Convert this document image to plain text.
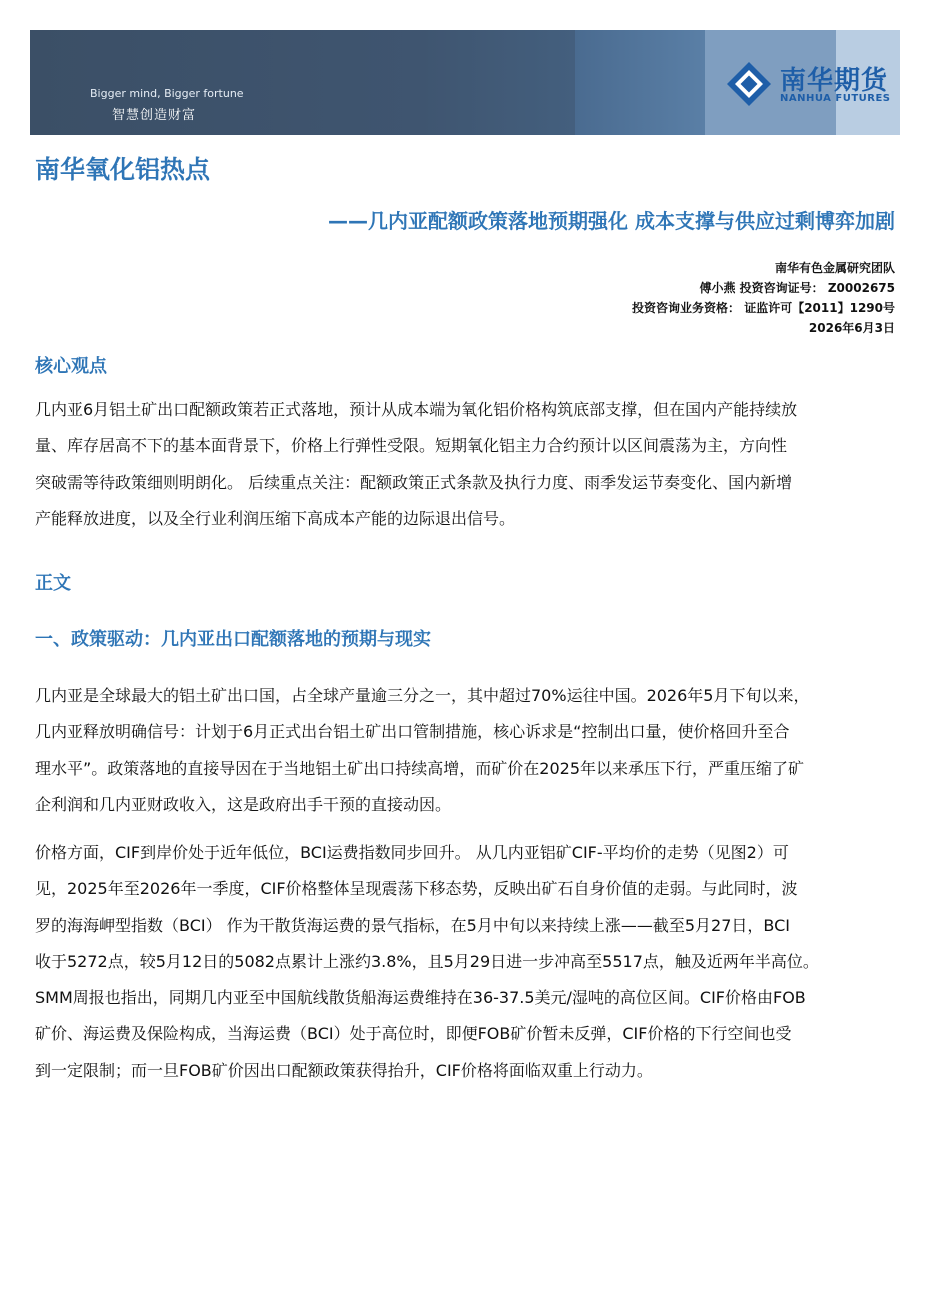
Bigger mind, Bigger fortune
智慧创造财富
南华期货
NANHUA FUTURES
南华氧化铝热点
——几内亚配额政策落地预期强化 成本支撑与供应过剩博弈加剧
南华有色金属研究团队
傅小燕 投资咨询证号： Z0002675
投资咨询业务资格： 证监许可【2011】1290号
2026年6月3日
核心观点
几内亚6月铝土矿出口配额政策若正式落地，预计从成本端为氧化铝价格构筑底部支撑，但在国内产能持续放
量、库存居高不下的基本面背景下，价格上行弹性受限。短期氧化铝主力合约预计以区间震荡为主，方向性
突破需等待政策细则明朗化。 后续重点关注：配额政策正式条款及执行力度、雨季发运节奏变化、国内新增
产能释放进度，以及全行业利润压缩下高成本产能的边际退出信号。
正文
一、政策驱动：几内亚出口配额落地的预期与现实
几内亚是全球最大的铝土矿出口国，占全球产量逾三分之一，其中超过70%运往中国。2026年5月下旬以来，
几内亚释放明确信号：计划于6月正式出台铝土矿出口管制措施，核心诉求是“控制出口量，使价格回升至合
理水平”。政策落地的直接导因在于当地铝土矿出口持续高增，而矿价在2025年以来承压下行，严重压缩了矿
企利润和几内亚财政收入，这是政府出手干预的直接动因。
价格方面，CIF到岸价处于近年低位，BCI运费指数同步回升。 从几内亚铝矿CIF-平均价的走势（见图2）可
见，2025年至2026年一季度，CIF价格整体呈现震荡下移态势，反映出矿石自身价值的走弱。与此同时，波
罗的海海岬型指数（BCI） 作为干散货海运费的景气指标，在5月中旬以来持续上涨——截至5月27日，BCI
收于5272点，较5月12日的5082点累计上涨约3.8%，且5月29日进一步冲高至5517点，触及近两年半高位。
SMM周报也指出，同期几内亚至中国航线散货船海运费维持在36-37.5美元/湿吨的高位区间。CIF价格由FOB
矿价、海运费及保险构成，当海运费（BCI）处于高位时，即便FOB矿价暂未反弹，CIF价格的下行空间也受
到一定限制；而一旦FOB矿价因出口配额政策获得抬升，CIF价格将面临双重上行动力。
